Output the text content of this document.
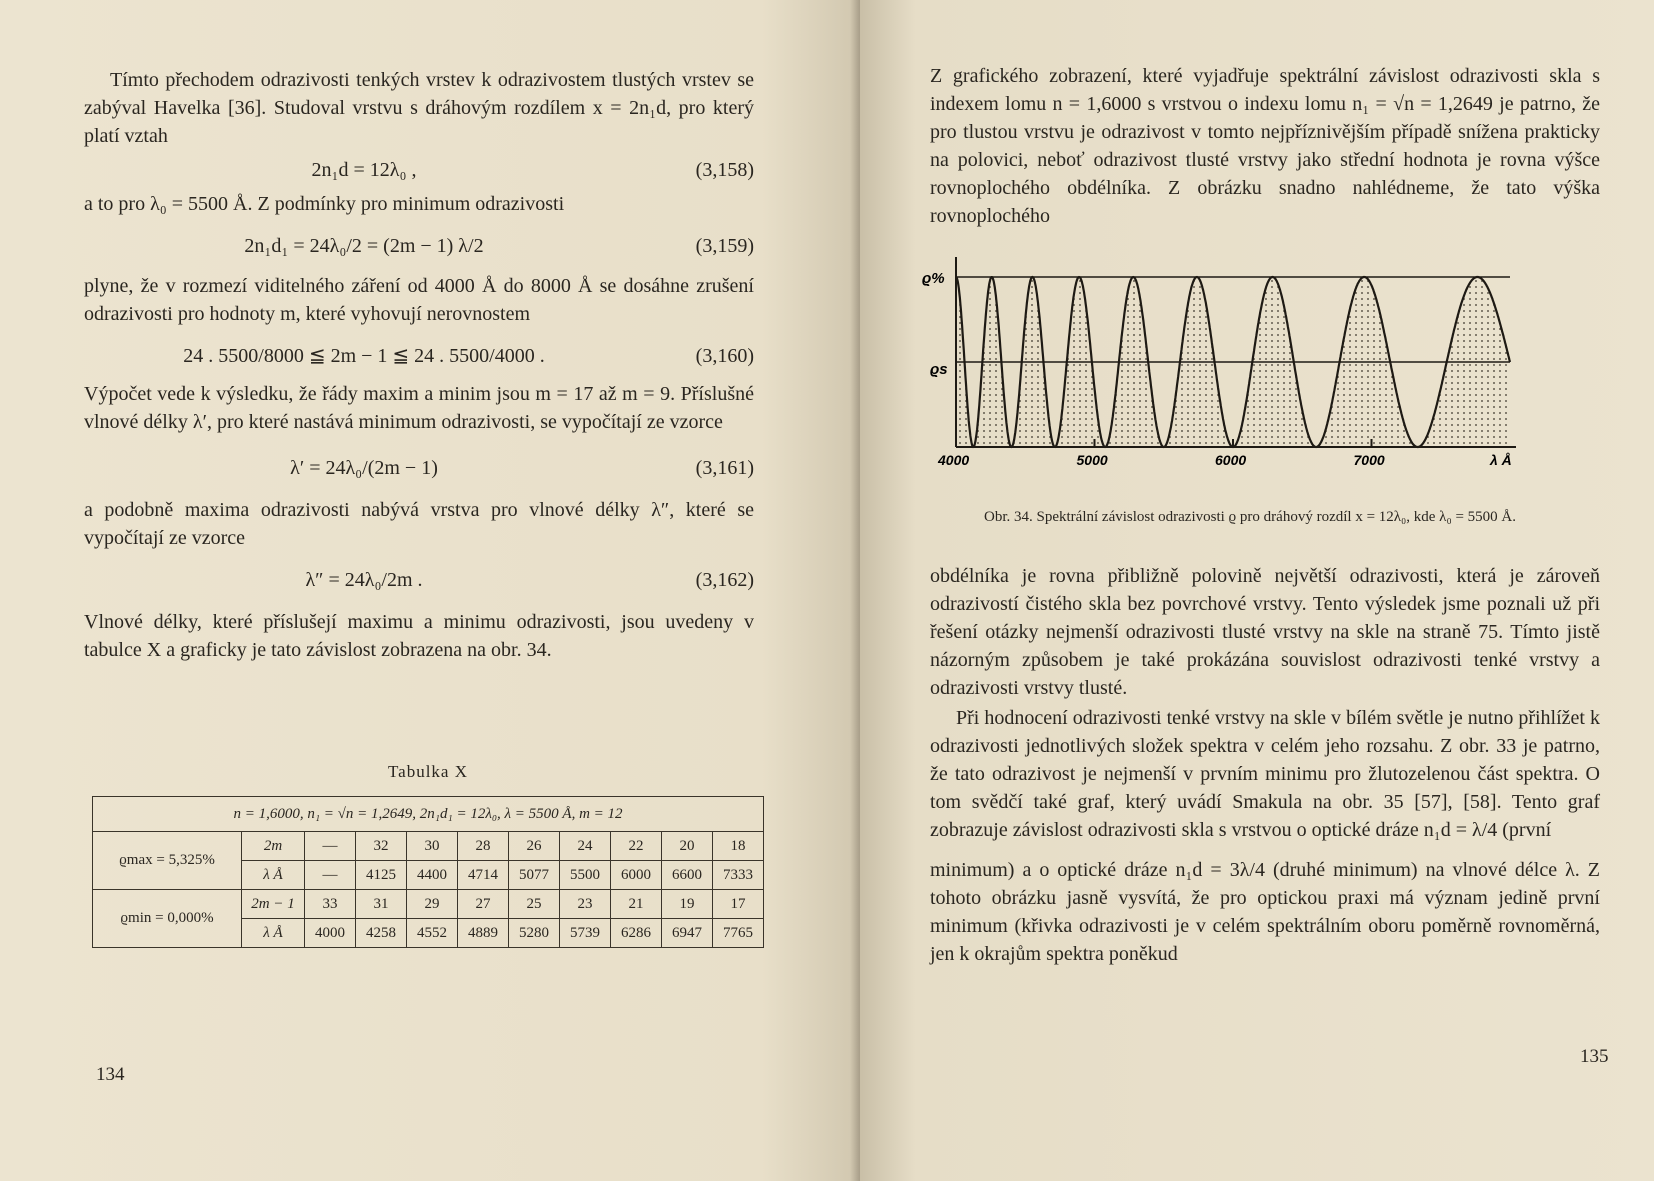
Tímto přechodem odrazivosti tenkých vrstev k odrazivostem tlustých vrstev se zabýval Havelka [36]. Studoval vrstvu s dráhovým rozdílem x = 2n₁d, pro který platí vztah

2n₁d = 12λ₀ ,	(3,158)

a to pro λ₀ = 5500 Å. Z podmínky pro minimum odrazivosti

2n₁d₁ = 24λ₀/2 = (2m − 1) λ/2	(3,159)

plyne, že v rozmezí viditelného záření od 4000 Å do 8000 Å se dosáhne zrušení odrazivosti pro hodnoty m, které vyhovují nerovnostem

24 . 5500/8000 ≦ 2m − 1 ≦ 24 . 5500/4000 .	(3,160)

Výpočet vede k výsledku, že řády maxim a minim jsou m = 17 až m = 9. Příslušné vlnové délky λ′, pro které nastává minimum odrazivosti, se vypočítají ze vzorce

λ′ = 24λ₀/(2m − 1)	(3,161)

a podobně maxima odrazivosti nabývá vrstva pro vlnové délky λ″, které se vypočítají ze vzorce

λ″ = 24λ₀/2m .	(3,162)

Vlnové délky, které příslušejí maximu a minimu odrazivosti, jsou uvedeny v tabulce X a graficky je tato závislost zobrazena na obr. 34.

Tabulka X
n = 1,6000, n₁ = √n = 1,2649, 2n₁d₁ = 12λ₀, λ = 5500 Å, m = 12										
ϱmax = 5,325%	2m	—	32	30	28	26	24	22	20	18
	λ Å	—	4125	4400	4714	5077	5500	6000	6600	7333
ϱmin = 0,000%	2m − 1	33	31	29	27	25	23	21	19	17
	λ Å	4000	4258	4552	4889	5280	5739	6286	6947	7765
134

Z grafického zobrazení, které vyjadřuje spektrální závislost odrazivosti skla s indexem lomu n = 1,6000 s vrstvou o indexu lomu n₁ = √n = 1,2649 je patrno, že pro tlustou vrstvu je odrazivost v tomto nejpříznivějším případě snížena prakticky na polovici, neboť odrazivost tlusté vrstvy jako střední hodnota je rovna výšce rovnoplochého obdélníka. Z obrázku snadno nahlédneme, že tato výška rovnoplochého

ϱ%
ϱs
4000	5000	6000	7000	λ Å
Obr. 34. Spektrální závislost odrazivosti ϱ pro dráhový rozdíl x = 12λ₀, kde λ₀ = 5500 Å.

obdélníka je rovna přibližně polovině největší odrazivosti, která je zároveň odrazivostí čistého skla bez povrchové vrstvy. Tento výsledek jsme poznali už při řešení otázky nejmenší odrazivosti tlusté vrstvy na skle na straně 75. Tímto jistě názorným způsobem je také prokázána souvislost odrazivosti tenké vrstvy a odrazivosti vrstvy tlusté.

Při hodnocení odrazivosti tenké vrstvy na skle v bílém světle je nutno přihlížet k odrazivosti jednotlivých složek spektra v celém jeho rozsahu. Z obr. 33 je patrno, že tato odrazivost je nejmenší v prvním minimu pro žlutozelenou část spektra. O tom svědčí také graf, který uvádí Smakula na obr. 35 [57], [58]. Tento graf zobrazuje závislost odrazivosti skla s vrstvou o optické dráze n₁d = λ/4 (první

minimum) a o optické dráze n₁d = 3λ/4 (druhé minimum) na vlnové délce λ. Z tohoto obrázku jasně vysvítá, že pro optickou praxi má význam jedině první minimum (křivka odrazivosti je v celém spektrálním oboru poměrně rovnoměrná, jen k okrajům spektra poněkud

135
